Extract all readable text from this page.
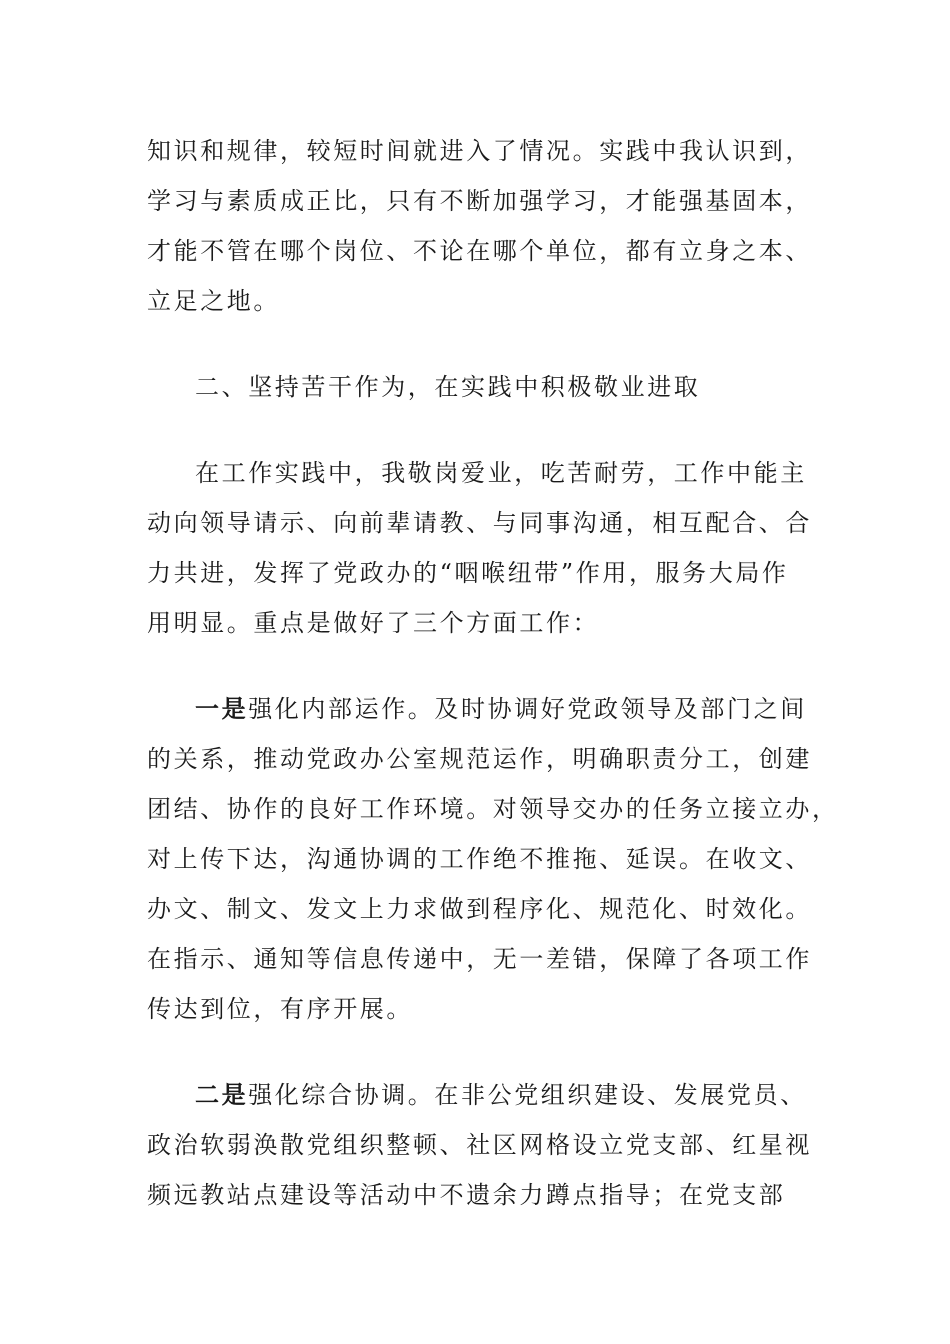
知识和规律，较短时间就进入了情况。实践中我认识到，
学习与素质成正比，只有不断加强学习，才能强基固本，
才能不管在哪个岗位、不论在哪个单位，都有立身之本、
立足之地。
二、坚持苦干作为，在实践中积极敬业进取
在工作实践中，我敬岗爱业，吃苦耐劳，工作中能主
动向领导请示、向前辈请教、与同事沟通，相互配合、合
力共进，发挥了党政办的“咽喉纽带”作用，服务大局作
用明显。重点是做好了三个方面工作：
一是强化内部运作。及时协调好党政领导及部门之间
的关系，推动党政办公室规范运作，明确职责分工，创建
团结、协作的良好工作环境。对领导交办的任务立接立办，
对上传下达，沟通协调的工作绝不推拖、延误。在收文、
办文、制文、发文上力求做到程序化、规范化、时效化。
在指示、通知等信息传递中，无一差错，保障了各项工作
传达到位，有序开展。
二是强化综合协调。在非公党组织建设、发展党员、
政治软弱涣散党组织整顿、社区网格设立党支部、红星视
频远教站点建设等活动中不遗余力蹲点指导；在党支部
